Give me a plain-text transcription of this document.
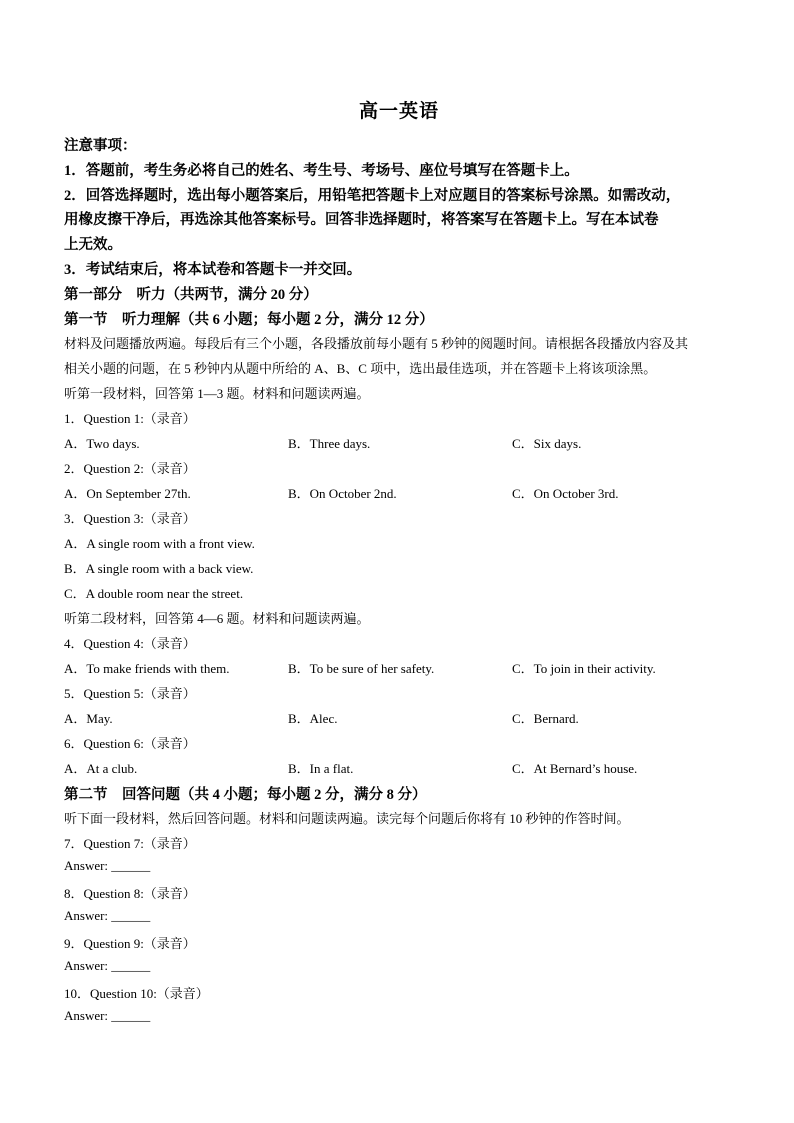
高一英语
注意事项：
1．答题前，考生务必将自己的姓名、考生号、考场号、座位号填写在答题卡上。
2．回答选择题时，选出每小题答案后，用铅笔把答题卡上对应题目的答案标号涂黑。如需改动，
用橡皮擦干净后，再选涂其他答案标号。回答非选择题时，将答案写在答题卡上。写在本试卷
上无效。
3．考试结束后，将本试卷和答题卡一并交回。
第一部分　听力（共两节，满分 20 分）
第一节　听力理解（共 6 小题；每小题 2 分，满分 12 分）
材料及问题播放两遍。每段后有三个小题，各段播放前每小题有 5 秒钟的阅题时间。请根据各段播放内容及其
相关小题的问题，在 5 秒钟内从题中所给的 A、B、C 项中，选出最佳选项，并在答题卡上将该项涂黑。
听第一段材料，回答第 1—3 题。材料和问题读两遍。
1．Question 1:（录音）
A．Two days.	B．Three days.	C．Six days.
2．Question 2:（录音）
A．On September 27th.	B．On October 2nd.	C．On October 3rd.
3．Question 3:（录音）
A．A single room with a front view.
B．A single room with a back view.
C．A double room near the street.
听第二段材料，回答第 4—6 题。材料和问题读两遍。
4．Question 4:（录音）
A．To make friends with them.	B．To be sure of her safety.	C．To join in their activity.
5．Question 5:（录音）
A．May.	B．Alec.	C．Bernard.
6．Question 6:（录音）
A．At a club.	B．In a flat.	C．At Bernard’s house.
第二节　回答问题（共 4 小题；每小题 2 分，满分 8 分）
听下面一段材料，然后回答问题。材料和问题读两遍。读完每个问题后你将有 10 秒钟的作答时间。
7．Question 7:（录音）
Answer: ______
8．Question 8:（录音）
Answer: ______
9．Question 9:（录音）
Answer: ______
10．Question 10:（录音）
Answer: ______
